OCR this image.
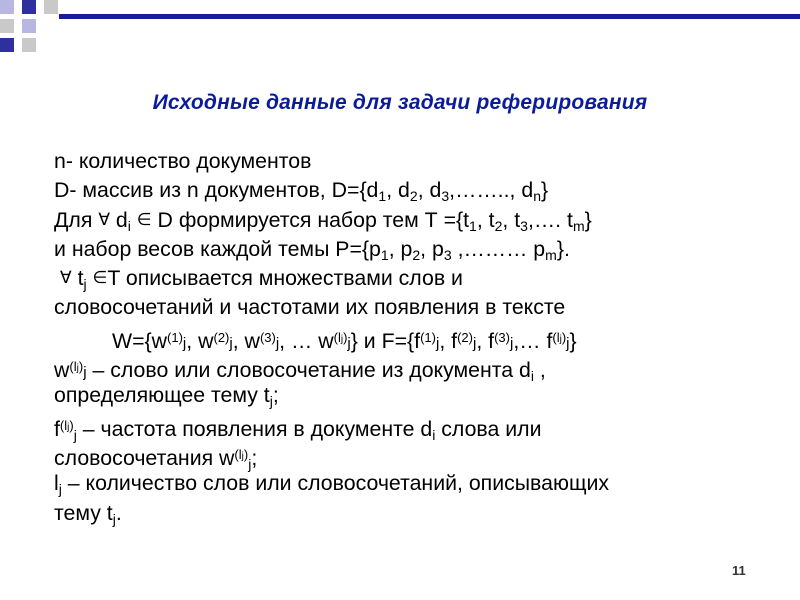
Исходные данные для задачи реферирования
n- количество документов
D- массив из n документов, $D=\{d_1$, $d_2$, $d_3,\dots\dots$.., $d_n$}
Для ∀ $d_i$ ∈ D формируется набор тем $Т =\{t_1$, $t_2$, $t_3,\dots$. $t_m$}
и набор весов каждой темы $P=\{p_1$, $p_2$, $p_3$ ,……… $p_m$}.
∀ $t_j$ ∈T описывается множествами слов и
словосочетаний и частотами их появления в тексте
$W=\{w^{(1)}j$, $w^{(2)}j$, $w^{(3)}j$, … $w^{(lj)}j$} и $F=\{f^{(1)}j$, $f^{(2)}j$, $f^{(3)}j,\dots$ $f^{(lj)}j$}
$w^{(lj)}j$ – слово или словосочетание из документа $d_i$ ,
определяющее тему $t_j$;
$f^{(lj)}_j$ – частота появления в документе $d_i$ слова или
словосочетания $w^{(lj)}_j$;
$l_j$ – количество слов или словосочетаний, описывающих
тему $t_j$.
11
